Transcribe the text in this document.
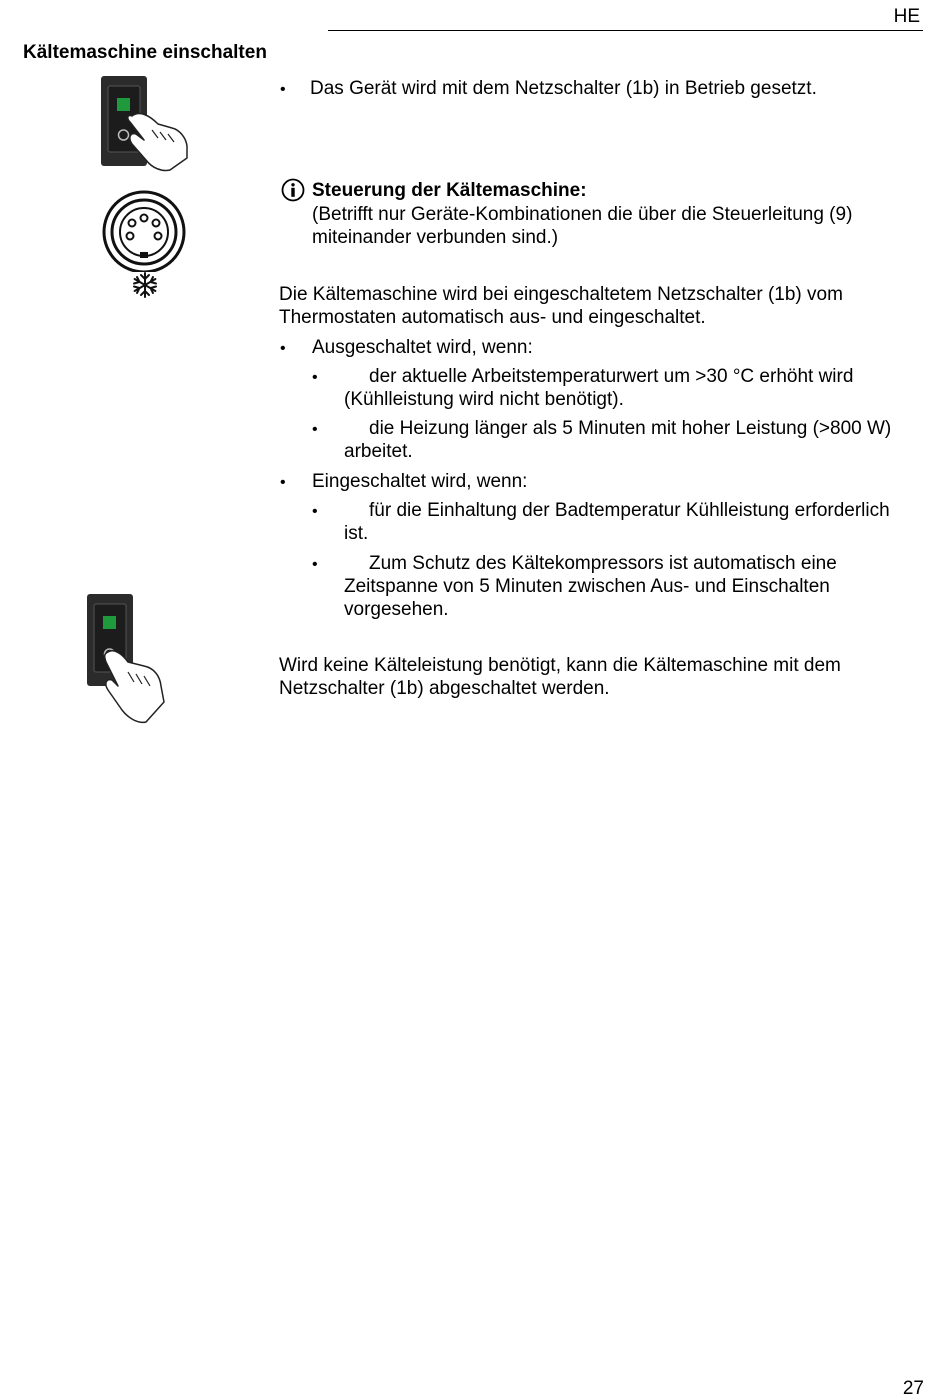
HE
Kältemaschine einschalten
• Das Gerät wird mit dem Netzschalter (1b) in Betrieb gesetzt.
Steuerung der Kältemaschine:
(Betrifft nur Geräte-Kombinationen die über die Steuerleitung (9)
miteinander verbunden sind.)
Die Kältemaschine wird bei eingeschaltetem Netzschalter (1b) vom
Thermostaten automatisch aus- und eingeschaltet.
• Ausgeschaltet wird, wenn:
•	der aktuelle Arbeitstemperaturwert um >30 °C erhöht wird
(Kühlleistung wird nicht benötigt).
•	die Heizung länger als 5 Minuten mit hoher Leistung (>800 W)
arbeitet.
• Eingeschaltet wird, wenn:
•	für die Einhaltung der Badtemperatur Kühlleistung erforderlich
ist.
•	Zum Schutz des Kältekompressors ist automatisch eine
Zeitspanne von 5 Minuten zwischen Aus- und Einschalten
vorgesehen.
Wird keine Kälteleistung benötigt, kann die Kältemaschine mit dem
Netzschalter (1b) abgeschaltet werden.
27
